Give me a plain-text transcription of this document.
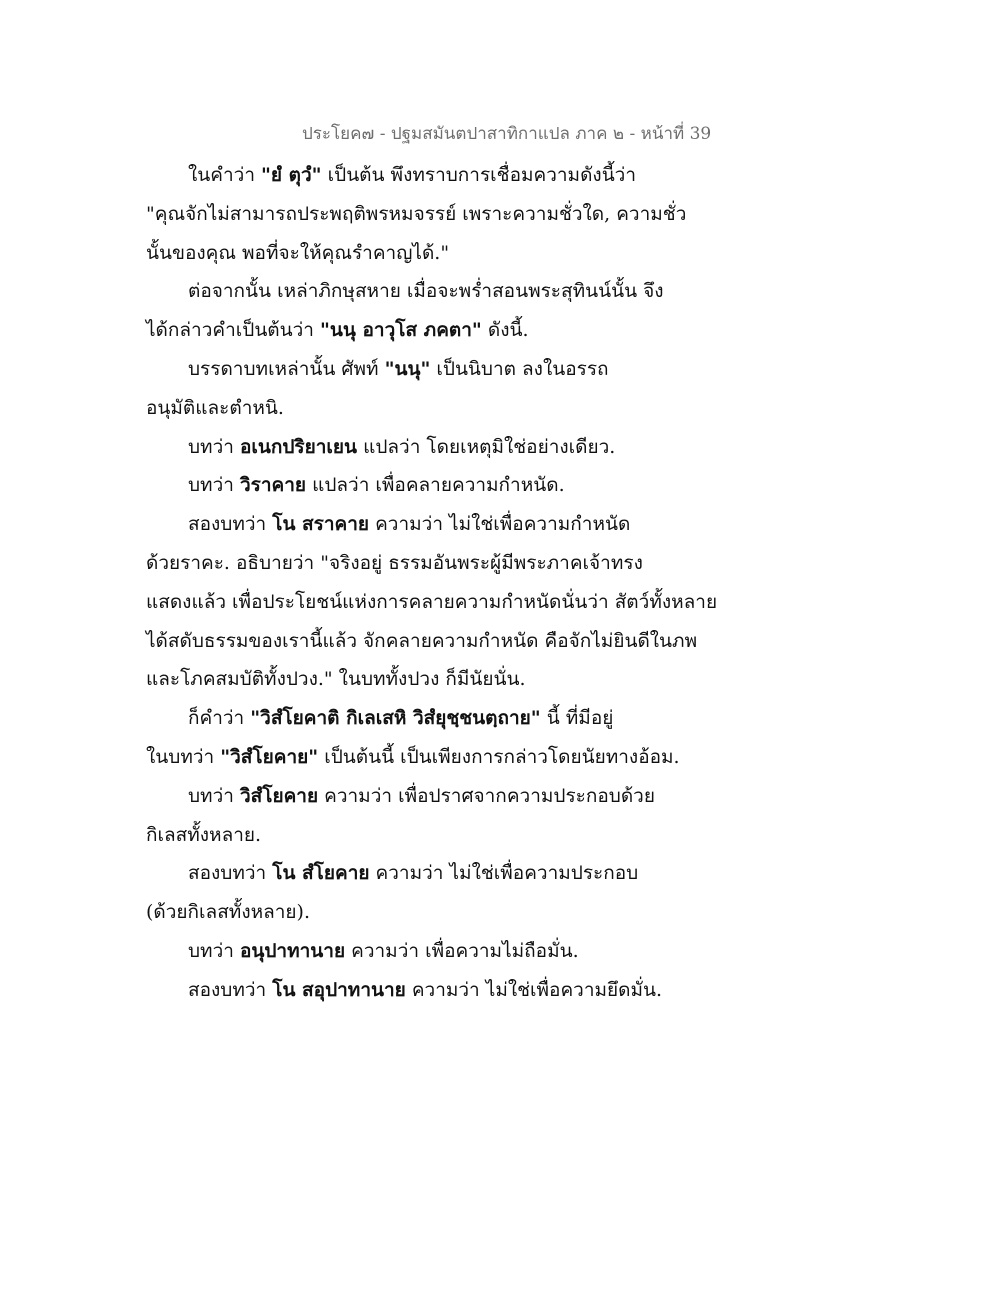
ประโยค๗ - ปฐมสมันตปาสาทิกาแปล ภาค ๒ - หน้าที่ 39
ในคำว่า "ยํ ตุวํ" เป็นต้น พึงทราบการเชื่อมความดังนี้ว่า
"คุณจักไม่สามารถประพฤติพรหมจรรย์ เพราะความชั่วใด, ความชั่ว
นั้นของคุณ พอที่จะให้คุณรำคาญได้."
ต่อจากนั้น เหล่าภิกษุสหาย เมื่อจะพร่ำสอนพระสุทินน์นั้น จึง
ได้กล่าวคำเป็นต้นว่า "นนุ อาวุโส ภคตา" ดังนี้.
บรรดาบทเหล่านั้น ศัพท์ "นนุ" เป็นนิบาต ลงในอรรถ
อนุมัติและตำหนิ.
บทว่า อเนกปริยาเยน แปลว่า โดยเหตุมิใช่อย่างเดียว.
บทว่า วิราคาย แปลว่า เพื่อคลายความกำหนัด.
สองบทว่า โน สราคาย ความว่า ไม่ใช่เพื่อความกำหนัด
ด้วยราคะ. อธิบายว่า "จริงอยู่ ธรรมอันพระผู้มีพระภาคเจ้าทรง
แสดงแล้ว เพื่อประโยชน์แห่งการคลายความกำหนัดนั่นว่า สัตว์ทั้งหลาย
ได้สดับธรรมของเรานี้แล้ว จักคลายความกำหนัด คือจักไม่ยินดีในภพ
และโภคสมบัติทั้งปวง." ในบททั้งปวง ก็มีนัยนั่น.
ก็คำว่า "วิสํโยคาติ กิเลเสหิ วิสํยุชฺชนตฺถาย" นี้ ที่มีอยู่
ในบทว่า "วิสํโยคาย" เป็นต้นนี้ เป็นเพียงการกล่าวโดยนัยทางอ้อม.
บทว่า วิสํโยคาย ความว่า เพื่อปราศจากความประกอบด้วย
กิเลสทั้งหลาย.
สองบทว่า โน สํโยคาย ความว่า ไม่ใช่เพื่อความประกอบ
(ด้วยกิเลสทั้งหลาย).
บทว่า อนุปาทานาย ความว่า เพื่อความไม่ถือมั่น.
สองบทว่า โน สอุปาทานาย ความว่า ไม่ใช่เพื่อความยึดมั่น.
